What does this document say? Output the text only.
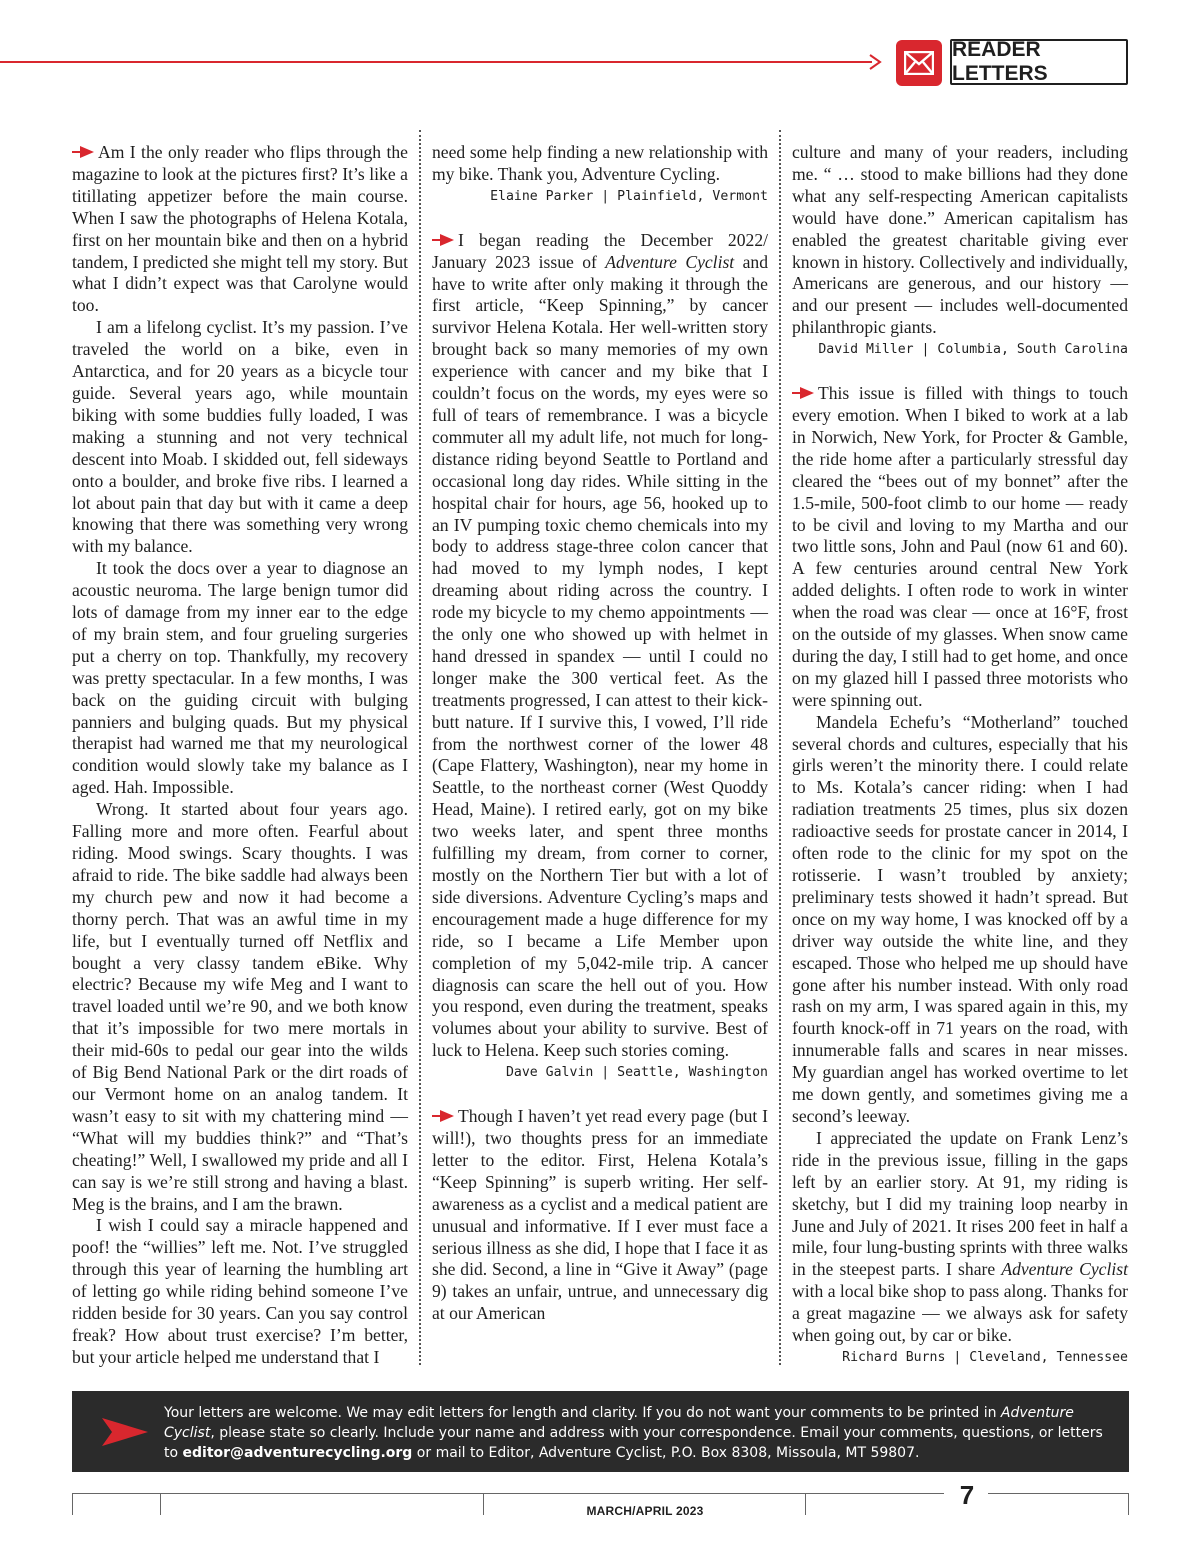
READER LETTERS

Am I the only reader who flips through the magazine to look at the pictures first? It’s like a titillating appetizer before the main course. When I saw the photographs of Helena Kotala, first on her mountain bike and then on a hybrid tandem, I predicted she might tell my story. But what I didn’t expect was that Carolyne would too.

I am a lifelong cyclist. It’s my passion. I’ve traveled the world on a bike, even in Antarctica, and for 20 years as a bicycle tour guide. Several years ago, while mountain biking with some buddies fully loaded, I was making a stunning and not very technical descent into Moab. I skidded out, fell sideways onto a boulder, and broke five ribs. I learned a lot about pain that day but with it came a deep knowing that there was something very wrong with my balance.

It took the docs over a year to diagnose an acoustic neuroma. The large benign tumor did lots of damage from my inner ear to the edge of my brain stem, and four grueling surgeries put a cherry on top. Thankfully, my recovery was pretty spectacular. In a few months, I was back on the guiding circuit with bulging panniers and bulging quads. But my physical therapist had warned me that my neurological condition would slowly take my balance as I aged. Hah. Impossible.

Wrong. It started about four years ago. Falling more and more often. Fearful about riding. Mood swings. Scary thoughts. I was afraid to ride. The bike saddle had always been my church pew and now it had become a thorny perch. That was an awful time in my life, but I eventually turned off Netflix and bought a very classy tandem eBike. Why electric? Because my wife Meg and I want to travel loaded until we’re 90, and we both know that it’s impossible for two mere mortals in their mid-60s to pedal our gear into the wilds of Big Bend National Park or the dirt roads of our Vermont home on an analog tandem. It wasn’t easy to sit with my chattering mind — “What will my buddies think?” and “That’s cheating!” Well, I swallowed my pride and all I can say is we’re still strong and having a blast. Meg is the brains, and I am the brawn.

I wish I could say a miracle happened and poof! the “willies” left me. Not. I’ve struggled through this year of learning the humbling art of letting go while riding behind someone I’ve ridden beside for 30 years. Can you say control freak? How about trust exercise? I’m better, but your article helped me understand that I

need some help finding a new relationship with my bike. Thank you, Adventure Cycling.

Elaine Parker | Plainfield, Vermont

I began reading the December 2022/ January 2023 issue of Adventure Cyclist and have to write after only making it through the first article, “Keep Spinning,” by cancer survivor Helena Kotala. Her well-written story brought back so many memories of my own experience with cancer and my bike that I couldn’t focus on the words, my eyes were so full of tears of remembrance. I was a bicycle commuter all my adult life, not much for long-distance riding beyond Seattle to Portland and occasional long day rides. While sitting in the hospital chair for hours, age 56, hooked up to an IV pumping toxic chemo chemicals into my body to address stage-three colon cancer that had moved to my lymph nodes, I kept dreaming about riding across the country. I rode my bicycle to my chemo appointments — the only one who showed up with helmet in hand dressed in spandex — until I could no longer make the 300 vertical feet. As the treatments progressed, I can attest to their kick-butt nature. If I survive this, I vowed, I’ll ride from the northwest corner of the lower 48 (Cape Flattery, Washington), near my home in Seattle, to the northeast corner (West Quoddy Head, Maine). I retired early, got on my bike two weeks later, and spent three months fulfilling my dream, from corner to corner, mostly on the Northern Tier but with a lot of side diversions. Adventure Cycling’s maps and encouragement made a huge difference for my ride, so I became a Life Member upon completion of my 5,042-mile trip. A cancer diagnosis can scare the hell out of you. How you respond, even during the treatment, speaks volumes about your ability to survive. Best of luck to Helena. Keep such stories coming.

Dave Galvin | Seattle, Washington

Though I haven’t yet read every page (but I will!), two thoughts press for an immediate letter to the editor. First, Helena Kotala’s “Keep Spinning” is superb writing. Her self-awareness as a cyclist and a medical patient are unusual and informative. If I ever must face a serious illness as she did, I hope that I face it as she did. Second, a line in “Give it Away” (page 9) takes an unfair, untrue, and unnecessary dig at our American

culture and many of your readers, including me. “ … stood to make billions had they done what any self-respecting American capitalists would have done.” American capitalism has enabled the greatest charitable giving ever known in history. Collectively and individually, Americans are generous, and our history — and our present — includes well-documented philanthropic giants.

David Miller | Columbia, South Carolina

This issue is filled with things to touch every emotion. When I biked to work at a lab in Norwich, New York, for Procter & Gamble, the ride home after a particularly stressful day cleared the “bees out of my bonnet” after the 1.5-mile, 500-foot climb to our home — ready to be civil and loving to my Martha and our two little sons, John and Paul (now 61 and 60). A few centuries around central New York added delights. I often rode to work in winter when the road was clear — once at 16°F, frost on the outside of my glasses. When snow came during the day, I still had to get home, and once on my glazed hill I passed three motorists who were spinning out.

Mandela Echefu’s “Motherland” touched several chords and cultures, especially that his girls weren’t the minority there. I could relate to Ms. Kotala’s cancer riding: when I had radiation treatments 25 times, plus six dozen radioactive seeds for prostate cancer in 2014, I often rode to the clinic for my spot on the rotisserie. I wasn’t troubled by anxiety; preliminary tests showed it hadn’t spread. But once on my way home, I was knocked off by a driver way outside the white line, and they escaped. Those who helped me up should have gone after his number instead. With only road rash on my arm, I was spared again in this, my fourth knock-off in 71 years on the road, with innumerable falls and scares in near misses. My guardian angel has worked overtime to let me down gently, and sometimes giving me a second’s leeway.

I appreciated the update on Frank Lenz’s ride in the previous issue, filling in the gaps left by an earlier story. At 91, my riding is sketchy, but I did my training loop nearby in June and July of 2021. It rises 200 feet in half a mile, four lung-busting sprints with three walks in the steepest parts. I share Adventure Cyclist with a local bike shop to pass along. Thanks for a great magazine — we always ask for safety when going out, by car or bike.

Richard Burns | Cleveland, Tennessee

Your letters are welcome. We may edit letters for length and clarity. If you do not want your comments to be printed in Adventure Cyclist, please state so clearly. Include your name and address with your correspondence. Email your comments, questions, or letters to editor@adventurecycling.org or mail to Editor, Adventure Cyclist, P.O. Box 8308, Missoula, MT 59807.
MARCH/APRIL 2023
7
